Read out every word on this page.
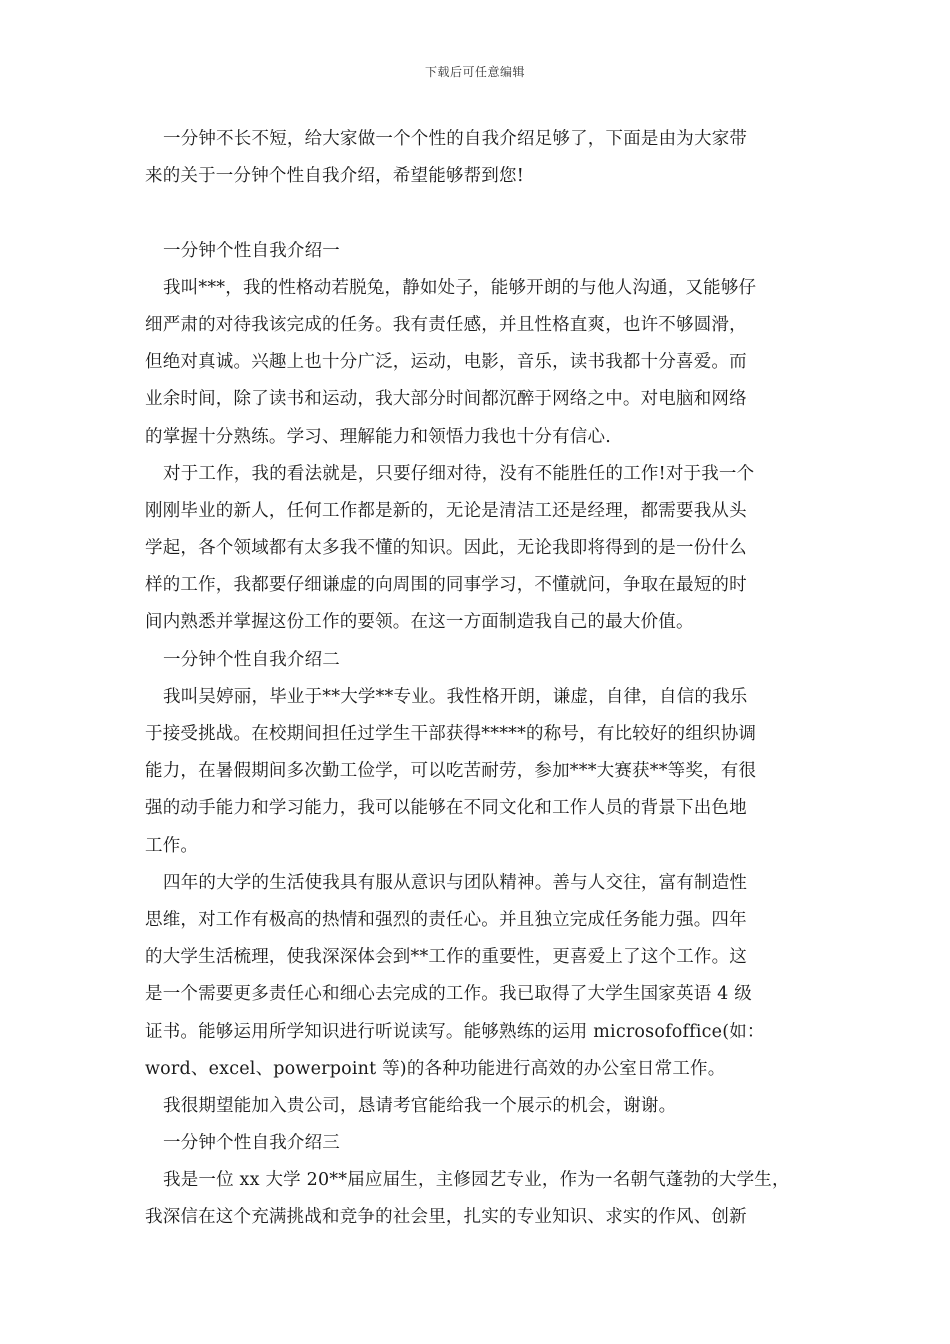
下载后可任意编辑
一分钟不长不短，给大家做一个个性的自我介绍足够了，下面是由为大家带
来的关于一分钟个性自我介绍，希望能够帮到您!
一分钟个性自我介绍一
我叫***，我的性格动若脱兔，静如处子，能够开朗的与他人沟通，又能够仔
细严肃的对待我该完成的任务。我有责任感，并且性格直爽，也许不够圆滑，
但绝对真诚。兴趣上也十分广泛，运动，电影，音乐，读书我都十分喜爱。而
业余时间，除了读书和运动，我大部分时间都沉醉于网络之中。对电脑和网络
的掌握十分熟练。学习、理解能力和领悟力我也十分有信心.
对于工作，我的看法就是，只要仔细对待，没有不能胜任的工作!对于我一个
刚刚毕业的新人，任何工作都是新的，无论是清洁工还是经理，都需要我从头
学起，各个领域都有太多我不懂的知识。因此，无论我即将得到的是一份什么
样的工作，我都要仔细谦虚的向周围的同事学习，不懂就问，争取在最短的时
间内熟悉并掌握这份工作的要领。在这一方面制造我自己的最大价值。
一分钟个性自我介绍二
我叫吴婷丽，毕业于**大学**专业。我性格开朗，谦虚，自律，自信的我乐
于接受挑战。在校期间担任过学生干部获得*****的称号，有比较好的组织协调
能力，在暑假期间多次勤工俭学，可以吃苦耐劳，参加***大赛获**等奖，有很
强的动手能力和学习能力，我可以能够在不同文化和工作人员的背景下出色地
工作。
四年的大学的生活使我具有服从意识与团队精神。善与人交往，富有制造性
思维，对工作有极高的热情和强烈的责任心。并且独立完成任务能力强。四年
的大学生活梳理，使我深深体会到**工作的重要性，更喜爱上了这个工作。这
是一个需要更多责任心和细心去完成的工作。我已取得了大学生国家英语 4 级
证书。能够运用所学知识进行听说读写。能够熟练的运用 microsofoffice(如：
word、excel、powerpoint 等)的各种功能进行高效的办公室日常工作。
我很期望能加入贵公司，恳请考官能给我一个展示的机会，谢谢。
一分钟个性自我介绍三
我是一位 xx 大学 20**届应届生，主修园艺专业，作为一名朝气蓬勃的大学生，
我深信在这个充满挑战和竞争的社会里，扎实的专业知识、求实的作风、创新
